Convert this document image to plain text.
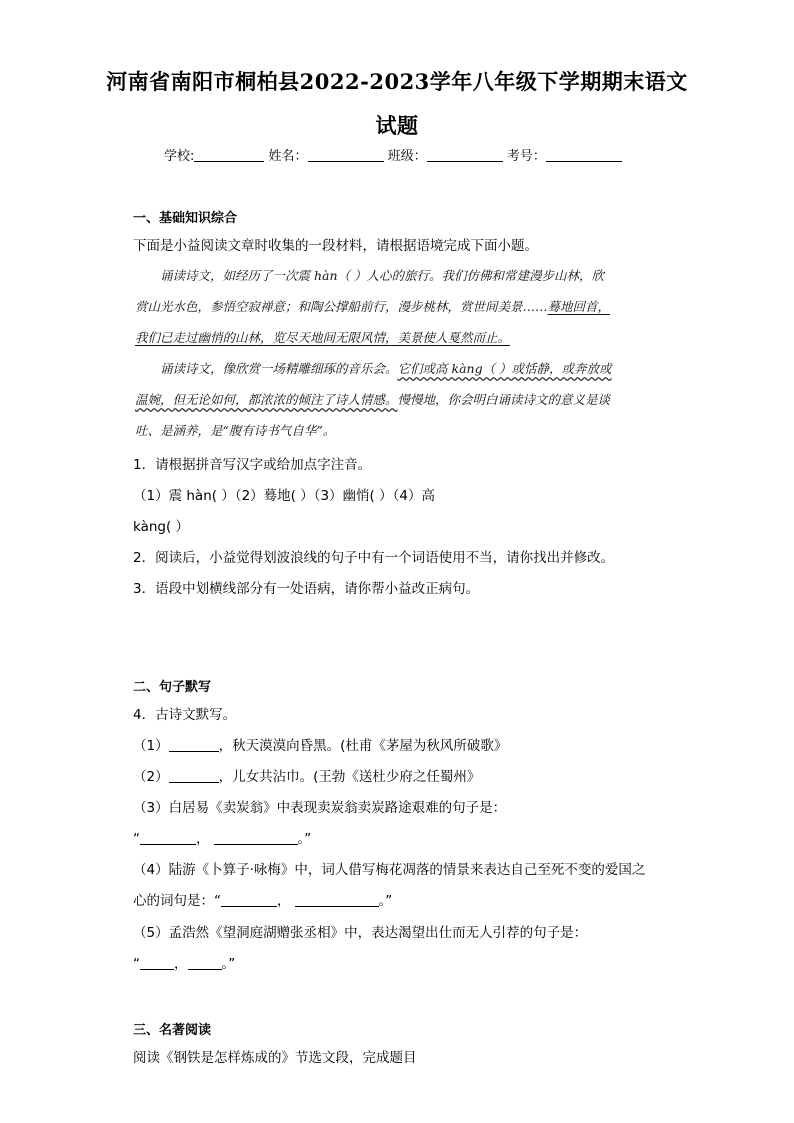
河南省南阳市桐柏县2022-2023学年八年级下学期期末语文
试题
学校:	姓名：	班级：	考号：
一、基础知识综合
下面是小益阅读文章时收集的一段材料，请根据语境完成下面小题。
诵读诗文，如经历了一次震 hàn（ ）人心的旅行。我们仿佛和常建漫步山林，欣
赏山光水色，参悟空寂禅意；和陶公撑船前行，漫步桃林，赏世间美景……蓦地回首，
我们已走过幽悄的山林，览尽天地间无限风情，美景使人戛然而止。
诵读诗文，像欣赏一场精雕细琢的音乐会。它们或高 kàng（ ）或恬静，或奔放或
温婉，但无论如何，都浓浓的倾注了诗人情感。慢慢地，你会明白诵读诗文的意义是谈
吐、是涵养，是“腹有诗书气自华”。
1．请根据拼音写汉字或给加点字注音。
（1）震 hàn( ）（2）蓦地( ）（3）幽悄( ）（4）高
kàng( ）
2．阅读后，小益觉得划波浪线的句子中有一个词语使用不当，请你找出并修改。
3．语段中划横线部分有一处语病，请你帮小益改正病句。
二、句子默写
4．古诗文默写。
（1）	，秋天漠漠向昏黑。(杜甫《茅屋为秋风所破歌》
（2）	，儿女共沾巾。(王勃《送杜少府之任蜀州》
（3）白居易《卖炭翁》中表现卖炭翁卖炭路途艰难的句子是：
“	，	。”
（4）陆游《卜算子·咏梅》中，词人借写梅花凋落的情景来表达自己至死不变的爱国之
心的词句是：“	，	。”
（5）孟浩然《望洞庭湖赠张丞相》中，表达渴望出仕而无人引荐的句子是：
“	，	。”
三、名著阅读
阅读《钢铁是怎样炼成的》节选文段，完成题目
